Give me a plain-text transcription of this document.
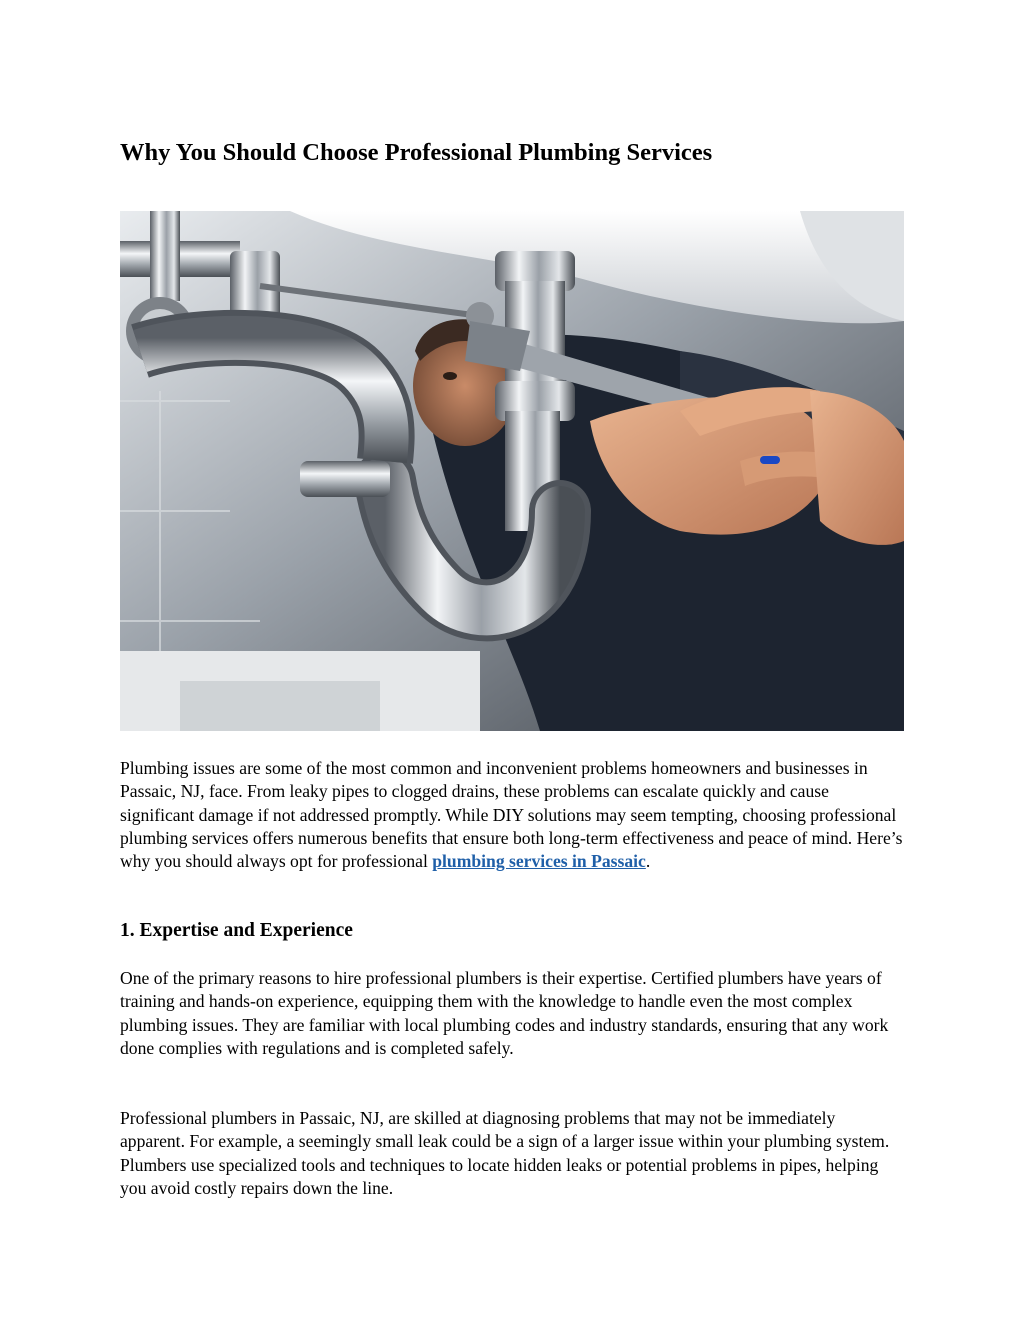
Why You Should Choose Professional Plumbing Services

Plumbing issues are some of the most common and inconvenient problems homeowners and businesses in Passaic, NJ, face. From leaky pipes to clogged drains, these problems can escalate quickly and cause significant damage if not addressed promptly. While DIY solutions may seem tempting, choosing professional plumbing services offers numerous benefits that ensure both long-term effectiveness and peace of mind. Here’s why you should always opt for professional plumbing services in Passaic.

1. Expertise and Experience

One of the primary reasons to hire professional plumbers is their expertise. Certified plumbers have years of training and hands-on experience, equipping them with the knowledge to handle even the most complex plumbing issues. They are familiar with local plumbing codes and industry standards, ensuring that any work done complies with regulations and is completed safely.

Professional plumbers in Passaic, NJ, are skilled at diagnosing problems that may not be immediately apparent. For example, a seemingly small leak could be a sign of a larger issue within your plumbing system. Plumbers use specialized tools and techniques to locate hidden leaks or potential problems in pipes, helping you avoid costly repairs down the line.
